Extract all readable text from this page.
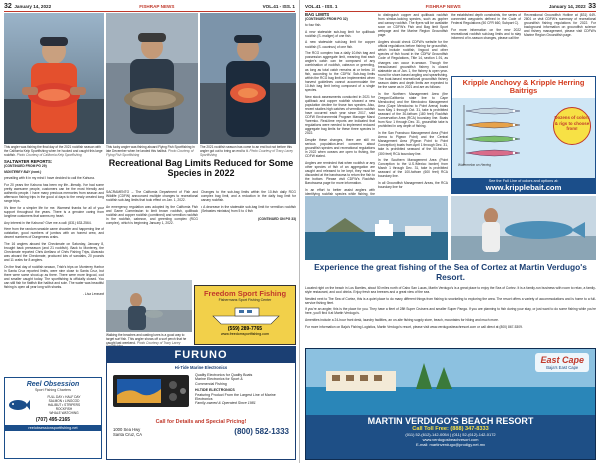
32 January 14, 2022	FISHRAP NEWS	VOL.41 - ISS. 1
This angler was fishing the final day of the 2021 rockfish season with the California Kelp Sportfishing when he hooked and caught this large rockfish. Photo Courtesy of California Kelp Sportfishing
This lucky angler was fishing aboard Flying Fish Sportfishing in late December when he landed this halibut. Photo Courtesy of Flying Fish Sportfishing
The 2021 rockfish season has come to an end but not before this angler got out to bring an end to it. Photo Courtesy of Tracy Lacey Sportfishing
SALTWATER REPORTS:
(CONTINUED FROM PG 29)
MONTEREY BAY (cont.)
prevailing with it in my mind I have decided to call the Kahuna.
For 20 years the Kahuna has been my life...literally. I've had some pretty awesome people, customers can be the most friendly and authentic people. I have many precious memories from season and afternoon fishing trips in the good ol days to the newly created long range trips.
It's time for a simpler life for me. Warmest thanks for all of your support throughout the years. There is a genuine caring from longtime customers that warms my heart.
Any interest in the Kahuna? Give me a call: (831) 633-2564.
Here from the random seaside came chowder and happening line of outstation, good numbers of jumbos with an honest crew, and decent numbers of Dungeness crabs.
The 16 anglers aboard the Checkmate on Saturday, January 8, brought back preseason (and 21 rockfish). Back to Monterey, the Checkmate reported Chris Arellano of Chris Fishing Trips, Alvarado was aboard the Checkmate, produced lots of sandabs, 20 pounds and 11 crabs for 8 anglers.
On the final day of rockfish season, Trish's trips on Monterey Harbor in Santa Cruz reported limits, were nine close to Santa Cruz, but there were some shoot-up as there. There were more lingcod, cod and smaller caught today. The sportfishing is officially closed. You can still fish for flatfish like halibut and sole. The water was beautiful fishing is open all year long with sharks.
- Lisa Leonard
Reel Obsession
Sport Fishing Charters
FULL DAY • HALF DAY
SALMON • LINGCOD
HALIBUT • STRIPERS
ROCKFISH
WHALE WATCHING
(707) 495-2165
reelobsessionsportfishing.net
Recreational Bag Limits Reduced for Some Species in 2022
SACRAMENTO – The California Department of Fish and Wildlife (CDFW) announced multiple changes to recreational rockfish sub-bag limits that took effect on Jan. 1, 2022.
An emergency regulation was adopted by the California Fish and Game Commission to limit brown rockfish, quillback rockfish and copper rockfish (combined) and vermilion rockfish in the rockfish, cabezon, and greenling complex (RCG complex), which is beginning January 1, 2022.
Changes to the sub-bag limits within the 10-fish daily RCG complex bag limit, and a reduction in the daily bag limit for canary rockfish.
• A decrease in the statewide sub-bag limit for vermilion rockfish (Sebastes miniatus) from 5 to 4 fish
(CONTINUED ON PG 33)
Walking the beaches and casting lures is a good way to target surf fish. This angler shows off a surf perch that he caught last weekend. Photo Courtesy of Tracy Lacey
Freedom Sport Fishing
Fishermans Sport Fishing Center
(559) 289-7765
www.freedomsportfishing.com
FURUNO
Hi-Tide Marine Electronics
Quality Electronics for Quality Boats
Marine Electronics for Sport &
Commercial Fishing
HI-TIDE ELECTRONICS
Featuring Product From the Largest Line of Marine Electronics
Family-owned & Operated Since 1981
Call for Details and Special Pricing!
1000 Sea Hwy
Santa Cruz, CA	(800) 582-1333
VOL.41 - ISS. 1	FISHRAP NEWS	January 14, 2022 33
BAG LIMITS
(CONTINUED FROM PG 32)
to four fish.
A new statewide sub-bag limit for quillback rockfish (S. maliger) of one fish.
A new statewide sub-bag limit for copper rockfish (S. caurinus) of one fish.
The RCG complex has a daily 10-fish bag and possession aggregate limit, meaning that each angler's catch can be composed of any combination of rockfish, cabezon or greenling, as long as total catch remains at or below 10 fish, according to the CDFW. Sub-bag limits within the RCG bag limit are implemented when harvest guidelines cannot accommodate the 10-fish bag limit being composed of a single species.
New stock assessments conducted in 2021 for quillback and copper rockfish showed a new population decline for those two species. Also, recent studies high catches of vermilion rockfish have occurred each year since 2017, said CDFW Environmental Program Manager Marci Yaremko. Real-time reports are indicated that regulations were needed to implement reduced aggregate bag limits for these three species in 2022.
Despite these changes, there are still no serious population-level concerns about groundfish species and recreational regulations in 2022 when oceans are open to fishing, the CDFW stated.
Anglers are reminded that when rockfish or any other species of fish of an aggregation are caught and released to be kept, they must be discarded at the barotrauma to return the fish to the bottom. Please visit CDFW's Rockfish Barotrauma page for more information.
In an effort to better assist anglers with identifying rockfish species while fishing, the
to distinguish copper and quillback rockfish from similar-looking species, such as gopher and canary rockfish. The flyers will be available soon on CDFW's Fish and Bag limit Sport webpage and the Marine Region Groundfish page.
Anglers should check CDFW's website for the official regulations before fishing for groundfish, which include rockfish, lingcod and other species of fish found in the CDFW Groundfish Code of Regulations, Title 14, section 1.91, as changes can occur in-season. Though the bread-based groundfish fishery is closed statewide as of Jan. 1, the fishery is open year-round for shore-based angling and spearfishing. The boat-based recreational groundfish fishery season dates and depth limits are expected to be the same as in 2021 and are as follows:
In the Northern Management Area (the Oregon/California state line to Cape Mendocino) and the Mendocino Management Area (Cape Mendocino to Point Arena) boats from May 1 through Oct. 31, take is prohibited seaward of the 30-fathom (180 feet) Rockfish Conservation Area (RCA) boundary line. Boats from Nov. 1 through Dec. 31, groundfish take is prohibited in any depth of fishing.
In the San Francisco Management Area (Point Arena to Pigeon Point) and the Central Management Area (Pigeon Point to Point Conception) boats from April 1 through Dec. 31, take is prohibited seaward of the 50-fathom (300 feet) RCA boundary line.
In the Southern Management Area (Point Conception to the U.S./Mexico border) from March 1 through Dec. 31, take is prohibited seaward of the 100-fathom (600 feet) RCA boundary line.
In all Groundfish Management Areas, the RCA boundary line for
the established depth constraints, the series of connected waypoints defined in the Code of Federal Regulations (50 CFR 660, Subpart C).
For more information on the new 2022 recreational rockfish sub-bag limits and to stay informed of in-season changes, please call the
Recreational Groundfish Hotline at (831) 649-2801 or visit CDFW's summary of recreational groundfish fishing regulations for 2022. For background information on groundfish science and fishery management, please visit CDFW's Marine Region Groundfish page.
Kripple Anchovy & Kripple Herring Baitrigs
Dozens of colors & rigs to choose from!
Watermelon on Herring
See the Full Line of colors and options at:
www.kripplebait.com
Experience the great fishing of the Sea of Cortez at Martin Verdugo's Resort.
Located right on the beach in Los Barriles, about 50 miles north of Cabo San Lucas, Martin Verdugo's is a great place to enjoy the Sea of Cortez. It is a family-run business with room to relax, a family-style restaurant, and cool drinks. Enjoy fresh sea breezes and a great view of the sea.
Nestled next to The Sea of Cortez, this is a quiet place to do many different things from fishing to snorkeling to exploring the area. The resort offers a variety of accommodations and is home to a full-service fishing fleet.
If you're an angler, this is the place for you. They have a fleet of 28ft Super Cruisers and smaller Super Panga. If you are planning to fish during your stay, or just want to do some fishing while you're here, you'll find it at Martin Verdugo's.
Amenities include a 24-hour front desk, laundry facilities, an on-site fishing supply store, beach, mountains for hiking and much more.
For more information on Baja's Fishing Logistics, Martin Verdugo's resort, please visit www.verdugosbeachresort.com or call direct at (800) 867-5309.
East Cape
Baja's East Cape
MARTIN VERDUGO'S BEACH RESORT
Call Toll Free: (888) 347-8333
(011) 52-(612)-142-0054 | (011) 52-(612)-142-0172
www.verdugosbeachresort.com
E-mail: martinverdugo@prodigy.net.mx
